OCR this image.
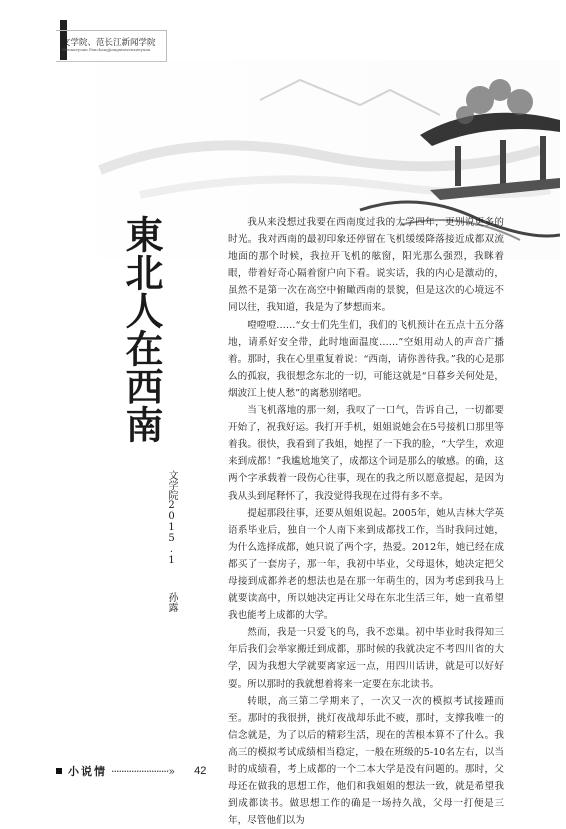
文学院、范长江新闻学院
Wenxueyuan Fanchangjiangxinwenxueyuan
東北人在西南
文学院2015.1  孙露

我从来没想过我要在西南度过我的大学四年，更别说更多的时光。我对西南的最初印象还停留在飞机缓缓降落接近成都双流地面的那个时候，我拉开飞机的舷窗，阳光那么强烈，我眯着眼，带着好奇心隔着窗户向下看。说实话，我的内心是激动的，虽然不是第一次在高空中俯瞰西南的景貌，但是这次的心境远不同以往，我知道，我是为了梦想而来。

噔噔噔……“女士们先生们，我们的飞机预计在五点十五分落地，请系好安全带，此时地面温度……”空姐用动人的声音广播着。那时，我在心里重复着说：“西南，请你善待我。”我的心是那么的孤寂，我很想念东北的一切，可能这就是“日暮乡关何处是，烟波江上使人愁”的离愁别绪吧。

当飞机落地的那一刻，我叹了一口气，告诉自己，一切都要开始了，祝我好运。我打开手机，姐姐说她会在5号接机口那里等着我。很快，我看到了我姐，她捏了一下我的脸，“大学生，欢迎来到成都！”我尴尬地笑了，成都这个词是那么的敏感。的确，这两个字承载着一段伤心往事，现在的我之所以愿意提起，是因为我从头到尾释怀了，我没觉得我现在过得有多不幸。

提起那段往事，还要从姐姐说起。2005年，她从吉林大学英语系毕业后，独自一个人南下来到成都找工作，当时我问过她，为什么选择成都，她只说了两个字，热爱。2012年，她已经在成都买了一套房子，那一年，我初中毕业，父母退休，她决定把父母接到成都养老的想法也是在那一年萌生的，因为考虑到我马上就要读高中，所以她决定再让父母在东北生活三年，她一直希望我也能考上成都的大学。

然而，我是一只爱飞的鸟，我不恋巢。初中毕业时我得知三年后我们会举家搬迁到成都，那时候的我就决定不考四川省的大学，因为我想大学就要离家远一点，用四川话讲，就是可以好好耍。所以那时的我就想着将来一定要在东北读书。

转眼，高三第二学期来了，一次又一次的模拟考试接踵而至。那时的我很拼，挑灯夜战却乐此不疲，那时，支撑我唯一的信念就是，为了以后的精彩生活，现在的苦根本算不了什么。我高三的模拟考试成绩相当稳定，一般在班级的5-10名左右，以当时的成绩看，考上成都的一个二本大学是没有问题的。那时，父母还在做我的思想工作，他们和我姐姐的想法一致，就是希望我到成都读书。做思想工作的确是一场持久战，父母一打便是三年，尽管他们以为

小说情 ·······················» 42
